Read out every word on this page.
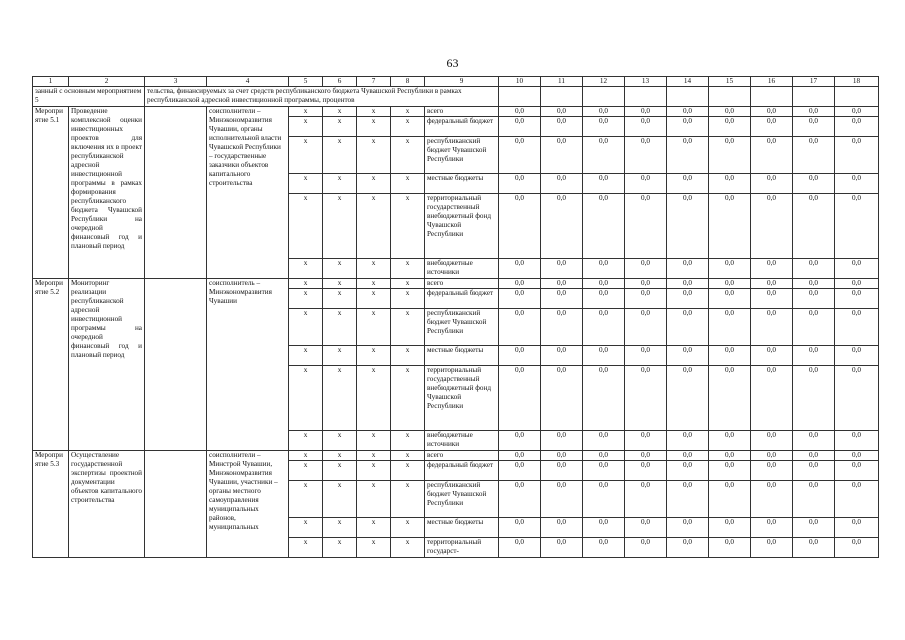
63
1	2	3	4	5	6	7	8	9	10	11	12	13	14	15	16	17	18
занный с основным мероприятием 5		тельства, финансируемых за счет средств республиканского бюджета Чувашской Республики в рамках республиканской адресной инвестиционной программы, процентов															
Мероприятие 5.1	Проведение комплексной оценки инвестиционных проектов для включения их в проект республиканской адресной инвестиционной программы в рамках формирования республиканского бюджета Чувашской Республики на очередной финансовый год и плановый период		соисполнители – Минэкономразвития Чувашии, органы исполнительной власти Чувашской Республики – государственные заказчики объектов капитального строительства	x	x	x	x	всего	0,0	0,0	0,0	0,0	0,0	0,0	0,0	0,0	0,0
				x	x	x	x	федеральный бюджет	0,0	0,0	0,0	0,0	0,0	0,0	0,0	0,0	0,0
				x	x	x	x	республиканский бюджет Чувашской Республики	0,0	0,0	0,0	0,0	0,0	0,0	0,0	0,0	0,0
				x	x	x	x	местные бюджеты	0,0	0,0	0,0	0,0	0,0	0,0	0,0	0,0	0,0
				x	x	x	x	территориальный государственный внебюджетный фонд Чувашской Республики	0,0	0,0	0,0	0,0	0,0	0,0	0,0	0,0	0,0
				x	x	x	x	внебюджетные источники	0,0	0,0	0,0	0,0	0,0	0,0	0,0	0,0	0,0
Мероприятие 5.2	Мониторинг реализации республиканской адресной инвестиционной программы на очередной финансовый год и плановый период		соисполнитель – Минэкономразвития Чувашии	x	x	x	x	всего	0,0	0,0	0,0	0,0	0,0	0,0	0,0	0,0	0,0
				x	x	x	x	федеральный бюджет	0,0	0,0	0,0	0,0	0,0	0,0	0,0	0,0	0,0
				x	x	x	x	республиканский бюджет Чувашской Республики	0,0	0,0	0,0	0,0	0,0	0,0	0,0	0,0	0,0
				x	x	x	x	местные бюджеты	0,0	0,0	0,0	0,0	0,0	0,0	0,0	0,0	0,0
				x	x	x	x	территориальный государственный внебюджетный фонд Чувашской Республики	0,0	0,0	0,0	0,0	0,0	0,0	0,0	0,0	0,0
				x	x	x	x	внебюджетные источники	0,0	0,0	0,0	0,0	0,0	0,0	0,0	0,0	0,0
Мероприятие 5.3	Осуществление государственной экспертизы проектной документации объектов капитального строительства		соисполнители – Минстрой Чувашии, Минэкономразвития Чувашии, участники – органы местного самоуправления муниципальных районов, муниципальных	x	x	x	x	всего	0,0	0,0	0,0	0,0	0,0	0,0	0,0	0,0	0,0
				x	x	x	x	федеральный бюджет	0,0	0,0	0,0	0,0	0,0	0,0	0,0	0,0	0,0
				x	x	x	x	республиканский бюджет Чувашской Республики	0,0	0,0	0,0	0,0	0,0	0,0	0,0	0,0	0,0
				x	x	x	x	местные бюджеты	0,0	0,0	0,0	0,0	0,0	0,0	0,0	0,0	0,0
				x	x	x	x	территориальный государст-	0,0	0,0	0,0	0,0	0,0	0,0	0,0	0,0	0,0
